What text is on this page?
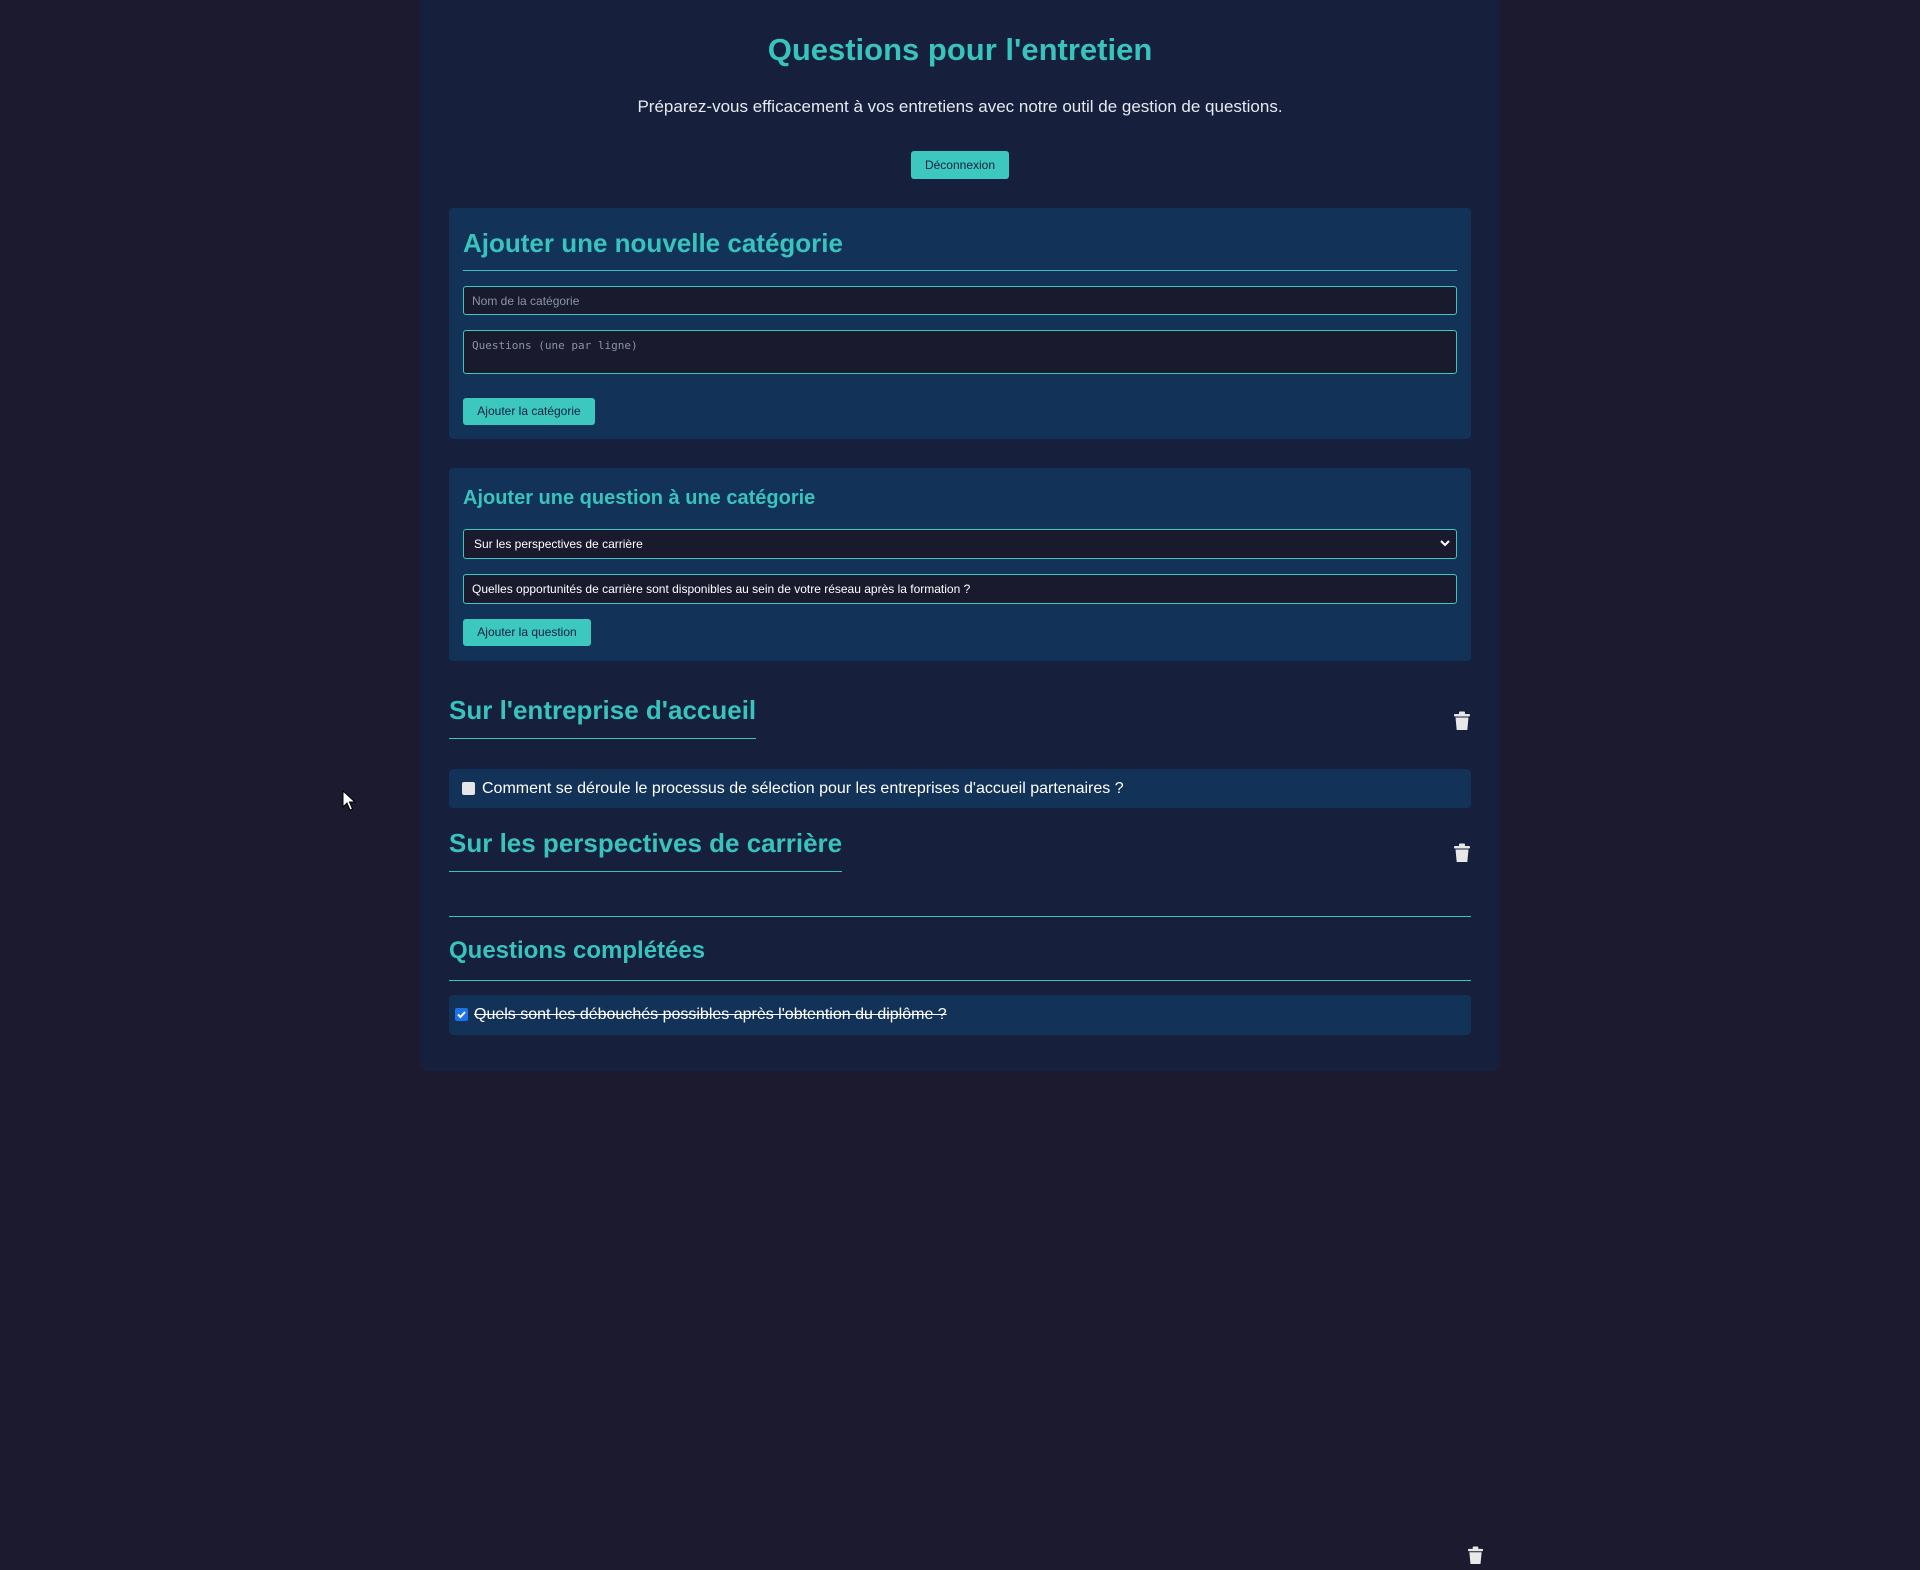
Questions pour l'entretien

Préparez-vous efficacement à vos entretiens avec notre outil de gestion de questions.

Déconnexion
Ajouter une nouvelle catégorie
Nom de la catégorie
Questions (une par ligne)
Ajouter la catégorie
Ajouter une question à une catégorie
Sur les perspectives de carrière
Quelles opportunités de carrière sont disponibles au sein de votre réseau après la formation ?
Ajouter la question
Sur l'entreprise d'accueil
Comment se déroule le processus de sélection pour les entreprises d'accueil partenaires ?
Sur les perspectives de carrière
Questions complétées
Quels sont les débouchés possibles après l'obtention du diplôme ?
